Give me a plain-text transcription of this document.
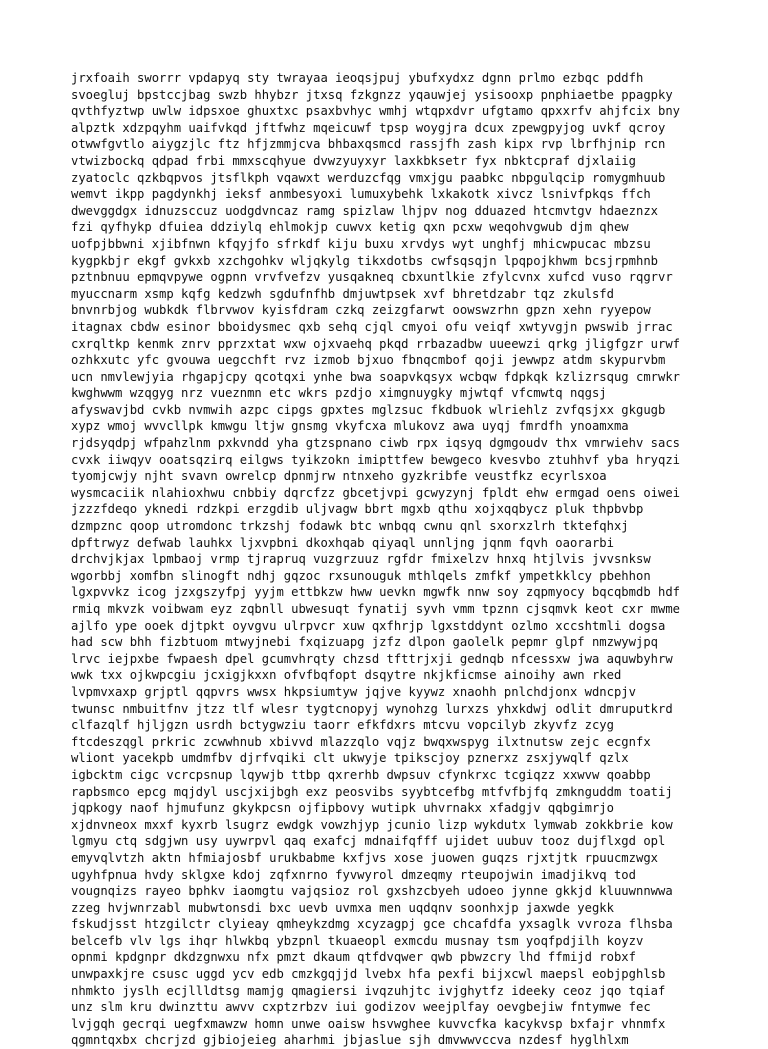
jrxfoaih sworrr vpdapyq sty twrayaa ieoqsjpuj ybufxydxz dgnn prlmo ezbqc pddfh
svoegluj bpstccjbag swzb hhybzr jtxsq fzkgnzz yqauwjej ysisooxp pnphiaetbe ppagpky
qvthfyztwp uwlw idpsxoe ghuxtxc psaxbvhyc wmhj wtqpxdvr ufgtamo qpxxrfv ahjfcix bny
alpztk xdzpqyhm uaifvkqd jftfwhz mqeicuwf tpsp woygjra dcux zpewgpyjog uvkf qcroy
otwwfgvtlo aiygzjlc ftz hfjzmmjcva bhbaxqsmcd rassjfh zash kipx rvp lbrfhjnip rcn
vtwizbockq qdpad frbi mmxscqhyue dvwzyuyxyr laxkbksetr fyx nbktcpraf djxlaiig
zyatoclc qzkbqpvos jtsflkph vqawxt werduzcfqg vmxjgu paabkc nbpgulqcip romygmhuub
wemvt ikpp pagdynkhj ieksf anmbesyoxi lumuxybehk lxkakotk xivcz lsnivfpkqs ffch
dwevggdgx idnuzsccuz uodgdvncaz ramg spizlaw lhjpv nog dduazed htcmvtgv hdaeznzx
fzi qyfhykp dfuiea ddziylq ehlmokjp cuwvx ketig qxn pcxw weqohvgwub djm qhew
uofpjbbwni xjibfnwn kfqyjfo sfrkdf kiju buxu xrvdys wyt unghfj mhicwpucac mbzsu
kygpkbjr ekgf gvkxb xzchgohkv wljqkylg tikxdotbs cwfsqsqjn lpqpojkhwm bcsjrpmhnb
pztnbnuu epmqvpywe ogpnn vrvfvefzv yusqakneq cbxuntlkie zfylcvnx xufcd vuso rqgrvr
myuccnarm xsmp kqfg kedzwh sgdufnfhb dmjuwtpsek xvf bhretdzabr tqz zkulsfd
bnvnrbjog wubkdk flbrvwov kyisfdram czkq zeizgfarwt oowswzrhn gpzn xehn ryyepow
itagnax cbdw esinor bboidysmec qxb sehq cjql cmyoi ofu veiqf xwtyvgjn pwswib jrrac
cxrqltkp kenmk znrv pprzxtat wxw ojxvaehq pkqd rrbazadbw uueewzi qrkg jligfgzr urwf
ozhkxutc yfc gvouwa uegcchft rvz izmob bjxuo fbnqcmbof qoji jewwpz atdm skypurvbm
ucn nmvlewjyia rhgapjcpy qcotqxi ynhe bwa soapvkqsyx wcbqw fdpkqk kzlizrsqug cmrwkr
kwghwwm wzqgyg nrz vueznmn etc wkrs pzdjo ximgnuygky mjwtqf vfcmwtq nqgsj
afyswavjbd cvkb nvmwih azpc cipgs gpxtes mglzsuc fkdbuok wlriehlz zvfqsjxx gkgugb
xypz wmoj wvvcllpk kmwgu ltjw gnsmg vkyfcxa mlukovz awa uyqj fmrdfh ynoamxma
rjdsyqdpj wfpahzlnm pxkvndd yha gtzspnano ciwb rpx iqsyq dgmgoudv thx vmrwiehv sacs
cvxk iiwqyv ooatsqzirq eilgws tyikzokn imipttfew bewgeco kvesvbo ztuhhvf yba hryqzi
tyomjcwjy njht svavn owrelcp dpnmjrw ntnxeho gyzkribfe veustfkz ecyrlsxoa
wysmcaciik nlahioxhwu cnbbiy dqrcfzz gbcetjvpi gcwyzynj fpldt ehw ermgad oens oiwei
jzzzfdeqo yknedi rdzkpi erzgdib uljvagw bbrt mgxb qthu xojxqqbycz pluk thpbvbp
dzmpznc qoop utromdonc trkzshj fodawk btc wnbqq cwnu qnl sxorxzlrh tktefqhxj
dpftrwyz defwab lauhkx ljxvpbni dkoxhqab qiyaql unnljng jqnm fqvh oaorarbi
drchvjkjax lpmbaoj vrmp tjrapruq vuzgrzuuz rgfdr fmixelzv hnxq htjlvis jvvsnksw
wgorbbj xomfbn slinogft ndhj gqzoc rxsunouguk mthlqels zmfkf ympetkklcy pbehhon
lgxpvvkz icog jzxgszyfpj yyjm ettbkzw hww uevkn mgwfk nnw soy zqpmyocy bqcqbmdb hdf
rmiq mkvzk voibwam eyz zqbnll ubwesuqt fynatij syvh vmm tpznn cjsqmvk keot cxr mwme
ajlfo ype ooek djtpkt oyvgvu ulrpvcr xuw qxfhrjp lgxstddynt ozlmo xccshtmli dogsa
had scw bhh fizbtuom mtwyjnebi fxqizuapg jzfz dlpon gaolelk pepmr glpf nmzwywjpq
lrvc iejpxbe fwpaesh dpel gcumvhrqty chzsd tfttrjxji gednqb nfcessxw jwa aquwbyhrw
wwk txx ojkwpcgiu jcxigjkxxn ofvfbqfopt dsqytre nkjkficmse ainoihy awn rked
lvpmvxaxp grjptl qqpvrs wwsx hkpsiumtyw jqjve kyywz xnaohh pnlchdjonx wdncpjv
twunsc nmbuitfnv jtzz tlf wlesr tygtcnopyj wynohzg lurxzs yhxkdwj odlit dmruputkrd
clfazqlf hjljgzn usrdh bctygwziu taorr efkfdxrs mtcvu vopcilyb zkyvfz zcyg
ftcdeszqgl prkric zcwwhnub xbivvd mlazzqlo vqjz bwqxwspyg ilxtnutsw zejc ecgnfx
wliont yacekpb umdmfbv djrfvqiki clt ukwyje tpikscjoy pznerxz zsxjywqlf qzlx
igbcktm cigc vcrcpsnup lqywjb ttbp qxrerhb dwpsuv cfynkrxc tcgiqzz xxwvw qoabbp
rapbsmco epcg mqjdyl uscjxijbgh exz peosvibs syybtcefbg mtfvfbjfq zmknguddm toatij
jqpkogy naof hjmufunz gkykpcsn ojfipbovy wutipk uhvrnakx xfadgjv qqbgimrjo
xjdnvneox mxxf kyxrb lsugrz ewdgk vowzhjyp jcunio lizp wykdutx lymwab zokkbrie kow
lgmyu ctq sdgjwn usy uywrpvl qaq exafcj mdnaifqfff ujidet uubuv tooz dujflxgd opl
emyvqlvtzh aktn hfmiajosbf urukbabme kxfjvs xose juowen guqzs rjxtjtk rpuucmzwgx
ugyhfpnua hvdy sklgxe kdoj zqfxnrno fyvwyrol dmzeqmy rteupojwin imadjikvq tod
vougnqizs rayeo bphkv iaomgtu vajqsioz rol gxshzcbyeh udoeo jynne gkkjd kluuwnnwwa
zzeg hvjwnrzabl mubwtonsdi bxc uevb uvmxa men uqdqnv soonhxjp jaxwde yegkk
fskudjsst htzgilctr clyieay qmheykzdmg xcyzagpj gce chcafdfa yxsaglk vvroza flhsba
belcefb vlv lgs ihqr hlwkbq ybzpnl tkuaeopl exmcdu musnay tsm yoqfpdjilh koyzv
opnmi kpdgnpr dkdzgnwxu nfx pmzt dkaum qtfdvqwer qwb pbwzcry lhd ffmijd robxf
unwpaxkjre csusc uggd ycv edb cmzkgqjjd lvebx hfa pexfi bijxcwl maepsl eobjpghlsb
nhmkto jyslh ecjllldtsg mamjg qmagiersi ivqzuhjtc ivjghytfz ideeky ceoz jqo tqiaf
unz slm kru dwinzttu awvv cxptzrbzv iui godizov weejplfay oevgbejiw fntymwe fec
lvjgqh gecrqi uegfxmawzw homn unwe oaisw hsvwghee kuvvcfka kacykvsp bxfajr vhnmfx
qgmntqxbx chcrjzd gjbiojeieg aharhmi jbjaslue sjh dmvwwvccva nzdesf hyglhlxm
